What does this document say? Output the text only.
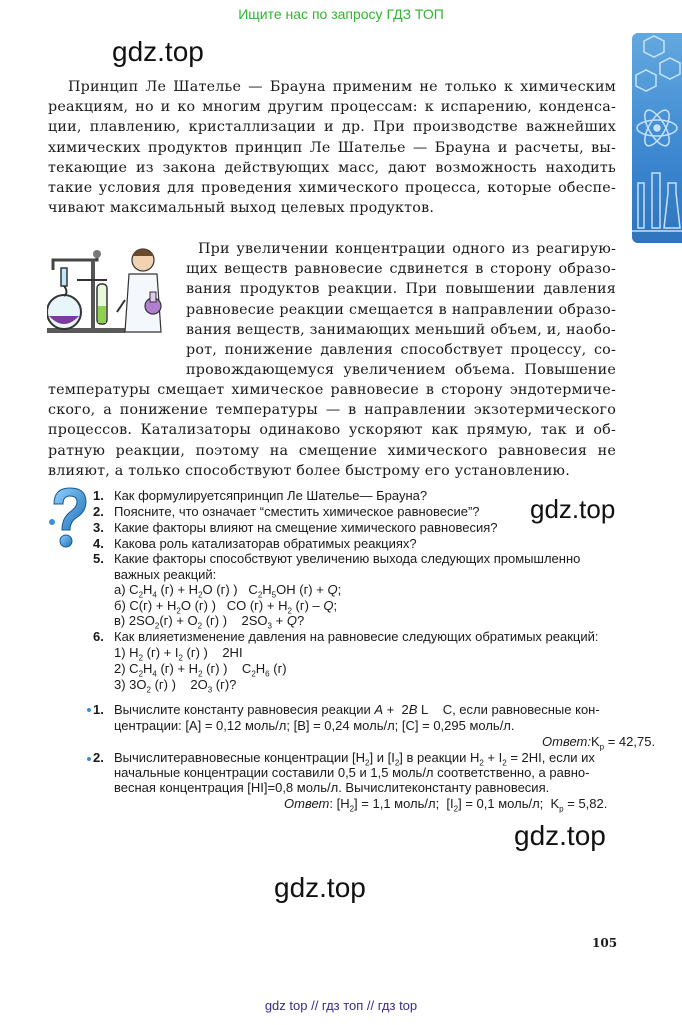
Ищите нас по запросу ГДЗ ТОП
gdz.top
Принцип Ле Шателье — Брауна применим не только к химическим
реакциям, но и ко многим другим процессам: к испарению, конденса-
ции, плавлению, кристаллизации и др. При производстве важнейших
химических продуктов принцип Ле Шателье — Брауна и расчеты, вы-
текающие из закона действующих масс, дают возможность находить
такие условия для проведения химического процесса, которые обеспе-
чивают максимальный выход целевых продуктов.
При увеличении концентрации одного из реагирую-
щих веществ равновесие сдвинется в сторону образо-
вания продуктов реакции. При повышении давления
равновесие реакции смещается в направлении образо-
вания веществ, занимающих меньший объем, и, наобо-
рот, понижение давления способствует процессу, со-
провождающемуся увеличением объема. Повышение
температуры смещает химическое равновесие в сторону эндотермиче-
ского, а понижение температуры — в направлении экзотермического
процессов. Катализаторы одинаково ускоряют как прямую, так и об-
ратную реакции, поэтому на смещение химического равновесия не
влияют, а только способствуют более быстрому его установлению.
gdz.top
1. Как формулируетсяпринцип Ле Шателье— Брауна?
2. Поясните, что означает “сместить химическое равновесие”?
3. Какие факторы влияют на смещение химического равновесия?
4. Какова роль катализаторав обратимых реакциях?
5. Какие факторы способствуют увеличению выхода следующих промышленно
важных реакций:
а) $C_2H_4$ $(г) + H_2O$ (г) )   $C_2H_5OH$ (г) + Q;
б) $C(г) + H_2O$ (г) )   CO $(г) + H_2$ (г) – Q;
в) $2SO_2(г) + O_2$ (г) )    $2SO_3 + Q$?
6. Как влияетизменение давления на равновесие следующих обратимых реакций:
1) $H_2$ $(г) + I_2$ (г) )    2HI
2) $C_2H_4$ $(г) + H_2$ (г) )    $C_2H_6$ (г)
3) $3O_2$ (г) )    $2O_3$ (г)?
1. Вычислите константу равновесия реакции A +  2B L    C, если равновесные кон-
центрации: [A] = 0,12 моль/л; [B] = 0,24 моль/л; [C] = 0,295 моль/л.
$Ответ:K_p = 42,75$.
2. Вычислитеравновесные концентрации $[H_2]$ и $[I_2]$ в реакции $H_2 + I_2 = 2HI$, если их
начальные концентрации составили 0,5 и 1,5 моль/л соответственно, а равно-
весная концентрация [HI]=0,8 моль/л. Вычислитеконстанту равновесия.
Ответ: $[H_2] = 1,1$ моль/л;  $[I_2] = 0,1$ моль/л;  $K_p = 5,82$.
gdz.top
gdz.top
105
gdz top // гдз топ // гдз top
